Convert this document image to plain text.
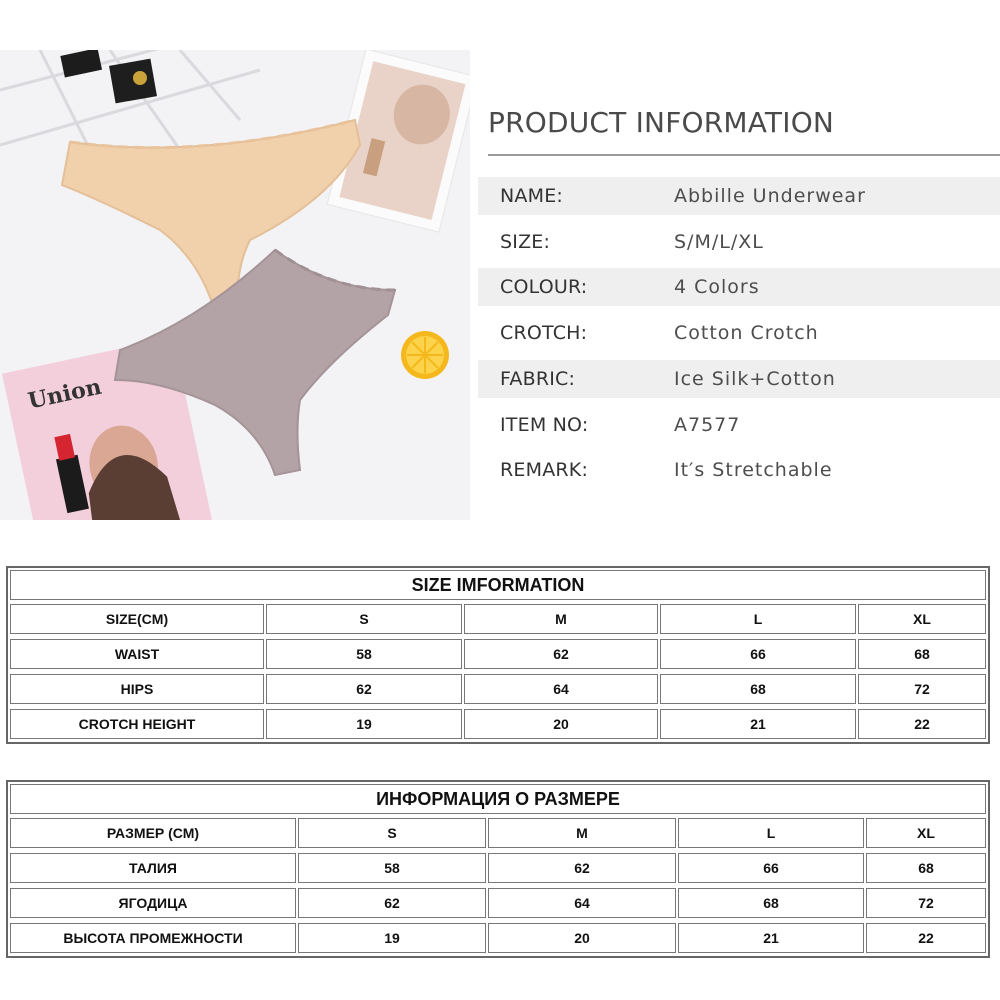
Union
PRODUCT INFORMATION
NAME:	Abbille Underwear
SIZE:	S/M/L/XL
COLOUR:	4 Colors
CROTCH:	Cotton Crotch
FABRIC:	Ice Silk+Cotton
ITEM NO:	A7577
REMARK:	It′s Stretchable
SIZE IMFORMATION
SIZE(CM)	S	M	L	XL
WAIST	58	62	66	68
HIPS	62	64	68	72
CROTCH HEIGHT	19	20	21	22
ИНФОРМАЦИЯ О РАЗМЕРЕ
РАЗМЕР (СМ)	S	M	L	XL
ТАЛИЯ	58	62	66	68
ЯГОДИЦА	62	64	68	72
ВЫСОТА ПРОМЕЖНОСТИ	19	20	21	22
